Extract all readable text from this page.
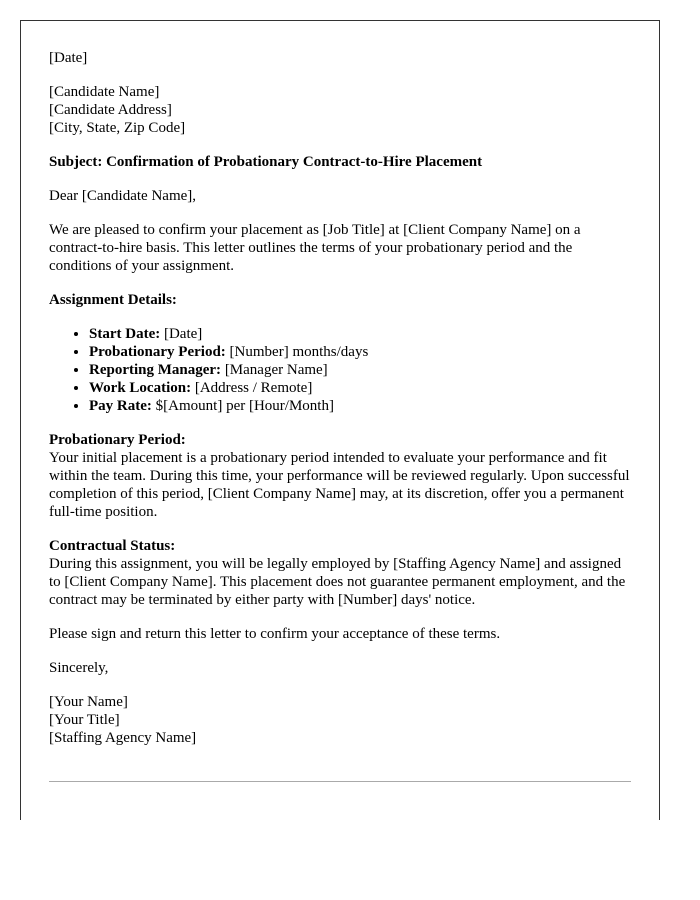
[Date]

[Candidate Name]
[Candidate Address]
[City, State, Zip Code]

Subject: Confirmation of Probationary Contract-to-Hire Placement

Dear [Candidate Name],

We are pleased to confirm your placement as [Job Title] at [Client Company Name] on a contract-to-hire basis. This letter outlines the terms of your probationary period and the conditions of your assignment.

Assignment Details:

• Start Date: [Date]
• Probationary Period: [Number] months/days
• Reporting Manager: [Manager Name]
• Work Location: [Address / Remote]
• Pay Rate: $[Amount] per [Hour/Month]

Probationary Period:
Your initial placement is a probationary period intended to evaluate your performance and fit within the team. During this time, your performance will be reviewed regularly. Upon successful completion of this period, [Client Company Name] may, at its discretion, offer you a permanent full-time position.

Contractual Status:
During this assignment, you will be legally employed by [Staffing Agency Name] and assigned to [Client Company Name]. This placement does not guarantee permanent employment, and the contract may be terminated by either party with [Number] days' notice.

Please sign and return this letter to confirm your acceptance of these terms.

Sincerely,

[Your Name]
[Your Title]
[Staffing Agency Name]
